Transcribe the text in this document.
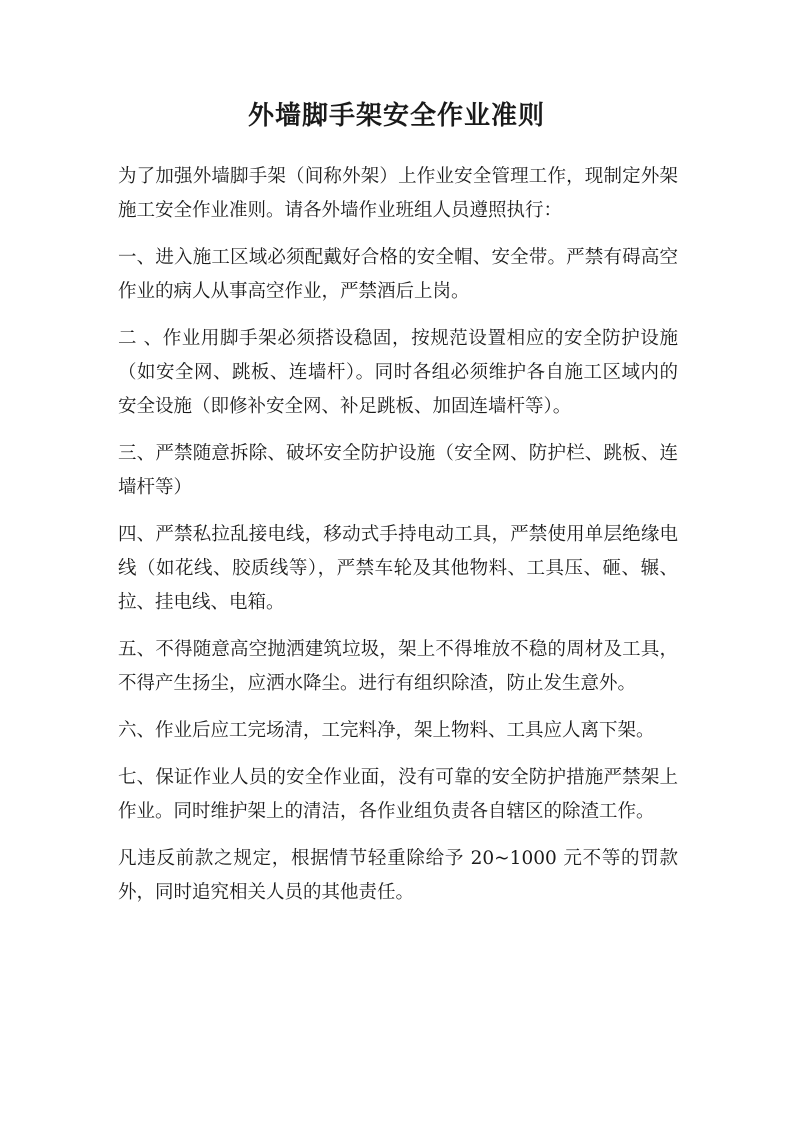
外墙脚手架安全作业准则

为了加强外墙脚手架（间称外架）上作业安全管理工作，现制定外架施工安全作业准则。请各外墙作业班组人员遵照执行：

一、进入施工区域必须配戴好合格的安全帽、安全带。严禁有碍高空作业的病人从事高空作业，严禁酒后上岗。

二 、作业用脚手架必须搭设稳固，按规范设置相应的安全防护设施（如安全网、跳板、连墙杆）。同时各组必须维护各自施工区域内的安全设施（即修补安全网、补足跳板、加固连墙杆等）。

三、严禁随意拆除、破坏安全防护设施（安全网、防护栏、跳板、连墙杆等）

四、严禁私拉乱接电线，移动式手持电动工具，严禁使用单层绝缘电线（如花线、胶质线等），严禁车轮及其他物料、工具压、砸、辗、拉、挂电线、电箱。

五、不得随意高空抛洒建筑垃圾，架上不得堆放不稳的周材及工具，不得产生扬尘，应洒水降尘。进行有组织除渣，防止发生意外。

六、作业后应工完场清，工完料净，架上物料、工具应人离下架。

七、保证作业人员的安全作业面，没有可靠的安全防护措施严禁架上作业。同时维护架上的清洁，各作业组负责各自辖区的除渣工作。

凡违反前款之规定，根据情节轻重除给予 20~1000 元不等的罚款外，同时追究相关人员的其他责任。
